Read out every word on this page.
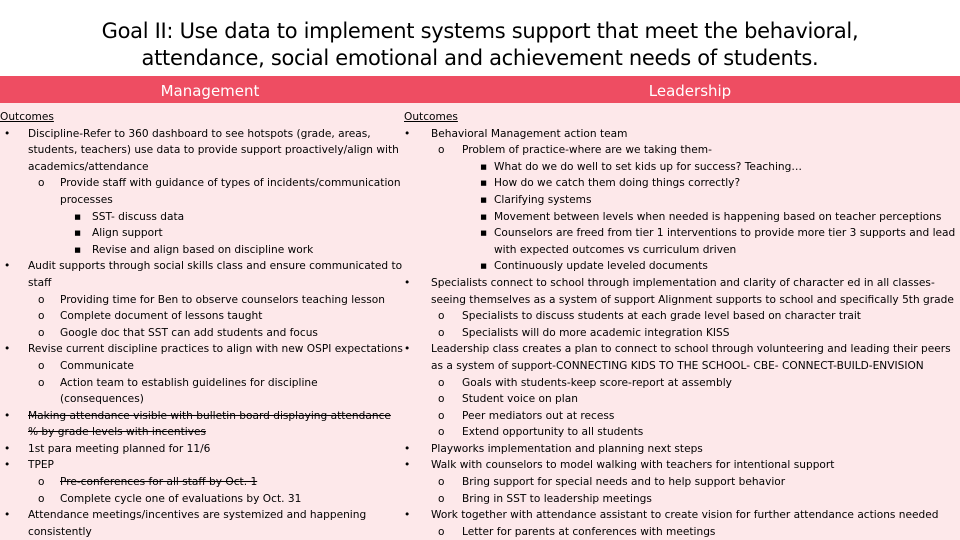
Goal II: Use data to implement systems support that meet the behavioral,
attendance, social emotional and achievement needs of students.
Management	Leadership
Outcomes
• Discipline-Refer to 360 dashboard to see hotspots (grade, areas,
students, teachers) use data to provide support proactively/align with
academics/attendance
o Provide staff with guidance of types of incidents/communication
processes
▪ SST- discuss data
▪ Align support
▪ Revise and align based on discipline work
• Audit supports through social skills class and ensure communicated to
staff
o Providing time for Ben to observe counselors teaching lesson
o Complete document of lessons taught
o Google doc that SST can add students and focus
• Revise current discipline practices to align with new OSPI expectations
o Communicate
o Action team to establish guidelines for discipline
(consequences)
• Making attendance visible with bulletin board displaying attendance
% by grade levels with incentives
• 1st para meeting planned for 11/6
• TPEP
o Pre-conferences for all staff by Oct. 1
o Complete cycle one of evaluations by Oct. 31
• Attendance meetings/incentives are systemized and happening
consistently
Outcomes
• Behavioral Management action team
o Problem of practice-where are we taking them-
▪ What do we do well to set kids up for success? Teaching…
▪ How do we catch them doing things correctly?
▪ Clarifying systems
▪ Movement between levels when needed is happening based on teacher perceptions
▪ Counselors are freed from tier 1 interventions to provide more tier 3 supports and lead
with expected outcomes vs curriculum driven
▪ Continuously update leveled documents
• Specialists connect to school through implementation and clarity of character ed in all classes-
seeing themselves as a system of support Alignment supports to school and specifically 5th grade
o Specialists to discuss students at each grade level based on character trait
o Specialists will do more academic integration KISS
• Leadership class creates a plan to connect to school through volunteering and leading their peers
as a system of support-CONNECTING KIDS TO THE SCHOOL- CBE- CONNECT-BUILD-ENVISION
o Goals with students-keep score-report at assembly
o Student voice on plan
o Peer mediators out at recess
o Extend opportunity to all students
• Playworks implementation and planning next steps
• Walk with counselors to model walking with teachers for intentional support
o Bring support for special needs and to help support behavior
o Bring in SST to leadership meetings
• Work together with attendance assistant to create vision for further attendance actions needed
o Letter for parents at conferences with meetings
